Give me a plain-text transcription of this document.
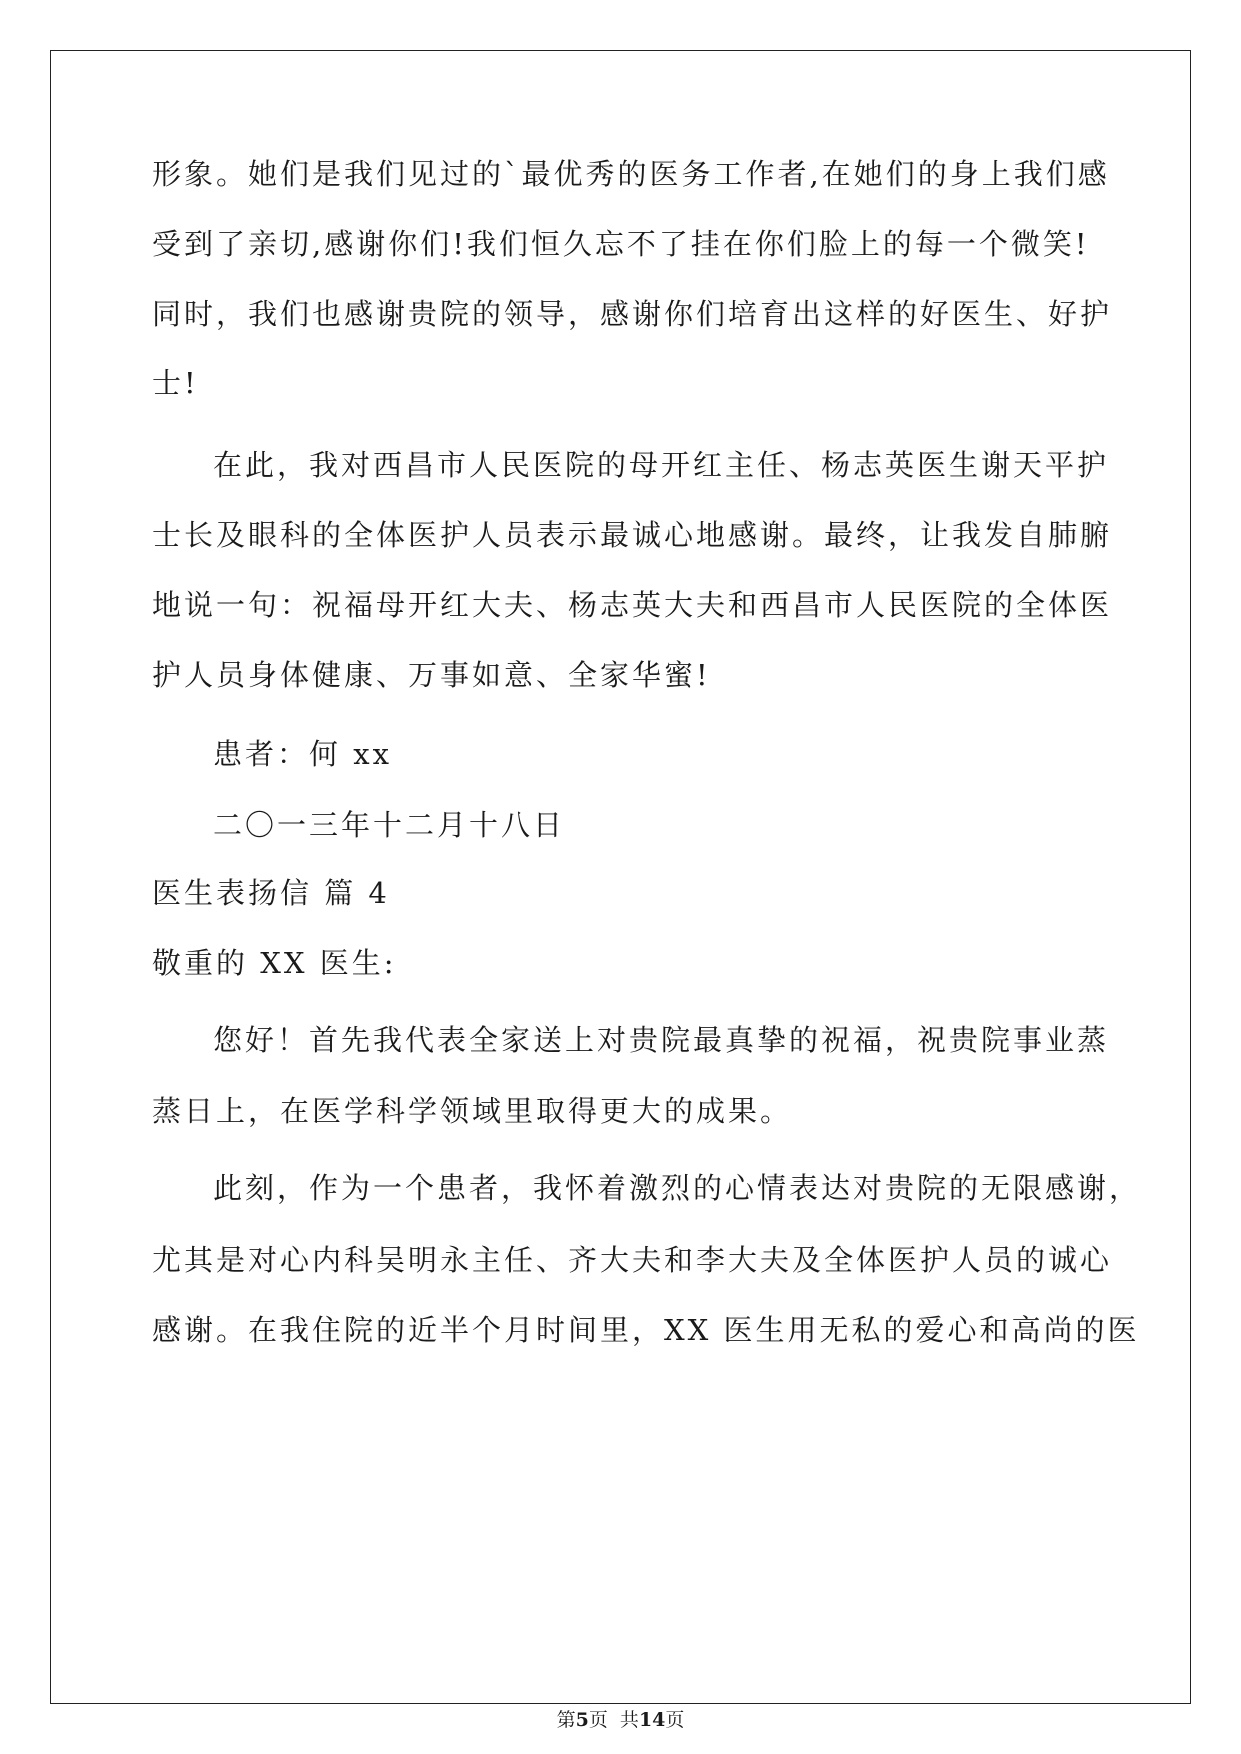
形象。她们是我们见过的`最优秀的医务工作者,在她们的身上我们感
受到了亲切,感谢你们!我们恒久忘不了挂在你们脸上的每一个微笑!
同时，我们也感谢贵院的领导，感谢你们培育出这样的好医生、好护
士!
在此，我对西昌市人民医院的母开红主任、杨志英医生谢天平护
士长及眼科的全体医护人员表示最诚心地感谢。最终，让我发自肺腑
地说一句：祝福母开红大夫、杨志英大夫和西昌市人民医院的全体医
护人员身体健康、万事如意、全家华蜜!
患者：何 xx
二〇一三年十二月十八日
医生表扬信 篇 4
敬重的 XX 医生:
您好！首先我代表全家送上对贵院最真挚的祝福，祝贵院事业蒸
蒸日上，在医学科学领域里取得更大的成果。
此刻，作为一个患者，我怀着激烈的心情表达对贵院的无限感谢，
尤其是对心内科吴明永主任、齐大夫和李大夫及全体医护人员的诚心
感谢。在我住院的近半个月时间里，XX 医生用无私的爱心和高尚的医
第5页  共14页
